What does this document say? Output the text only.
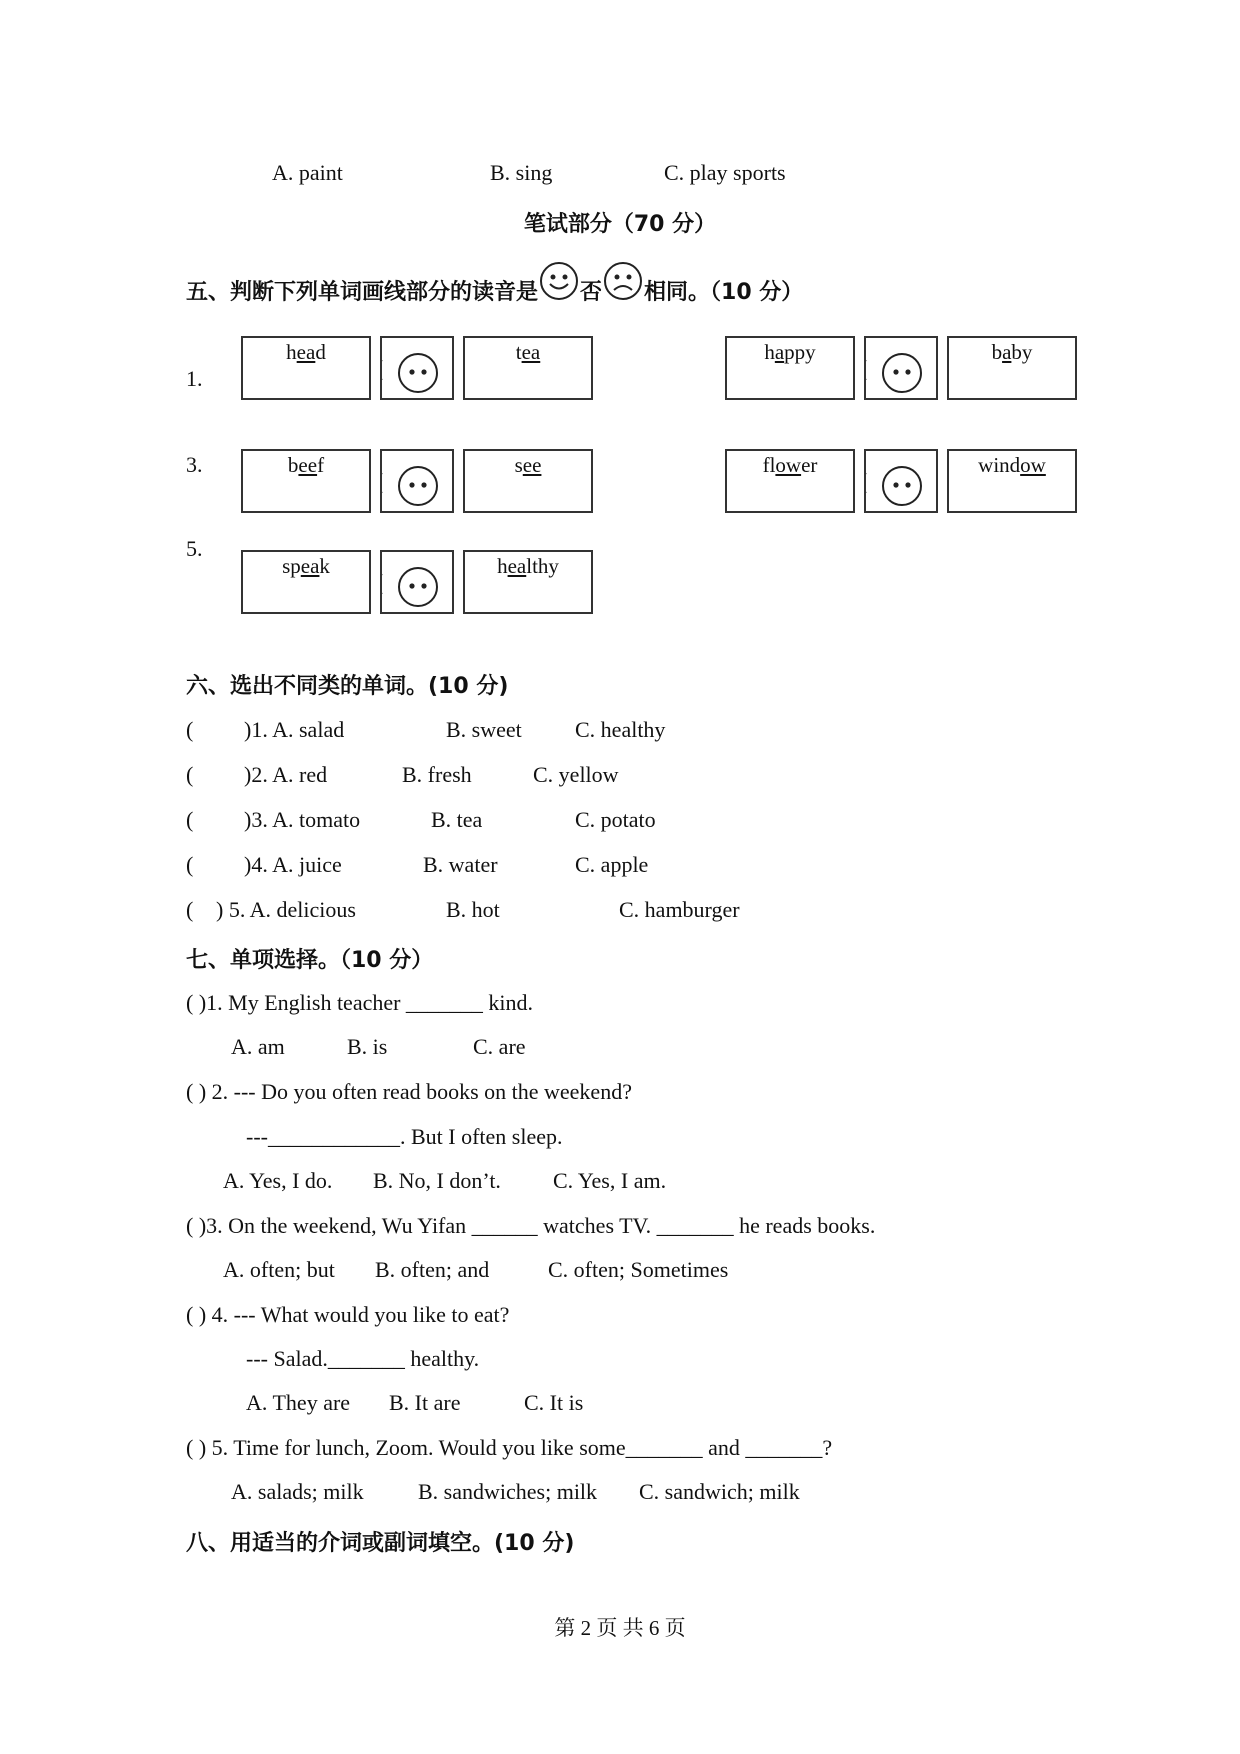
A. paint	B. sing	C. play sports
笔试部分（70 分）
五、判断下列单词画线部分的读音是 否 相同。（10 分）
1.
head	tea	happy	baby
3.	beef	see	flower	window
5.
speak	healthy
六、选出不同类的单词。(10 分)
( )1. A. salad	B. sweet C. healthy
( )2. A. red	B. fresh	C. yellow
( )3. A. tomato	B. tea	C. potato
( )4. A. juice	B. water	C. apple
( ) 5. A. delicious	B. hot	C. hamburger
七、单项选择。（10 分）
( )1. My English teacher _______ kind.
A. am	B. is	C. are
( ) 2. --- Do you often read books on the weekend?
---____________. But I often sleep.
A. Yes, I do. B. No, I don’t. C. Yes, I am.
( )3. On the weekend, Wu Yifan ______ watches TV. _______ he reads books.
A. often; but B. often; and	C. often; Sometimes
( ) 4. --- What would you like to eat?
--- Salad._______ healthy.
A. They are B. It are	C. It is
( ) 5. Time for lunch, Zoom. Would you like some_______ and _______?
A. salads; milk B. sandwiches; milk C. sandwich; milk
八、用适当的介词或副词填空。(10 分)
第 2 页 共 6 页
